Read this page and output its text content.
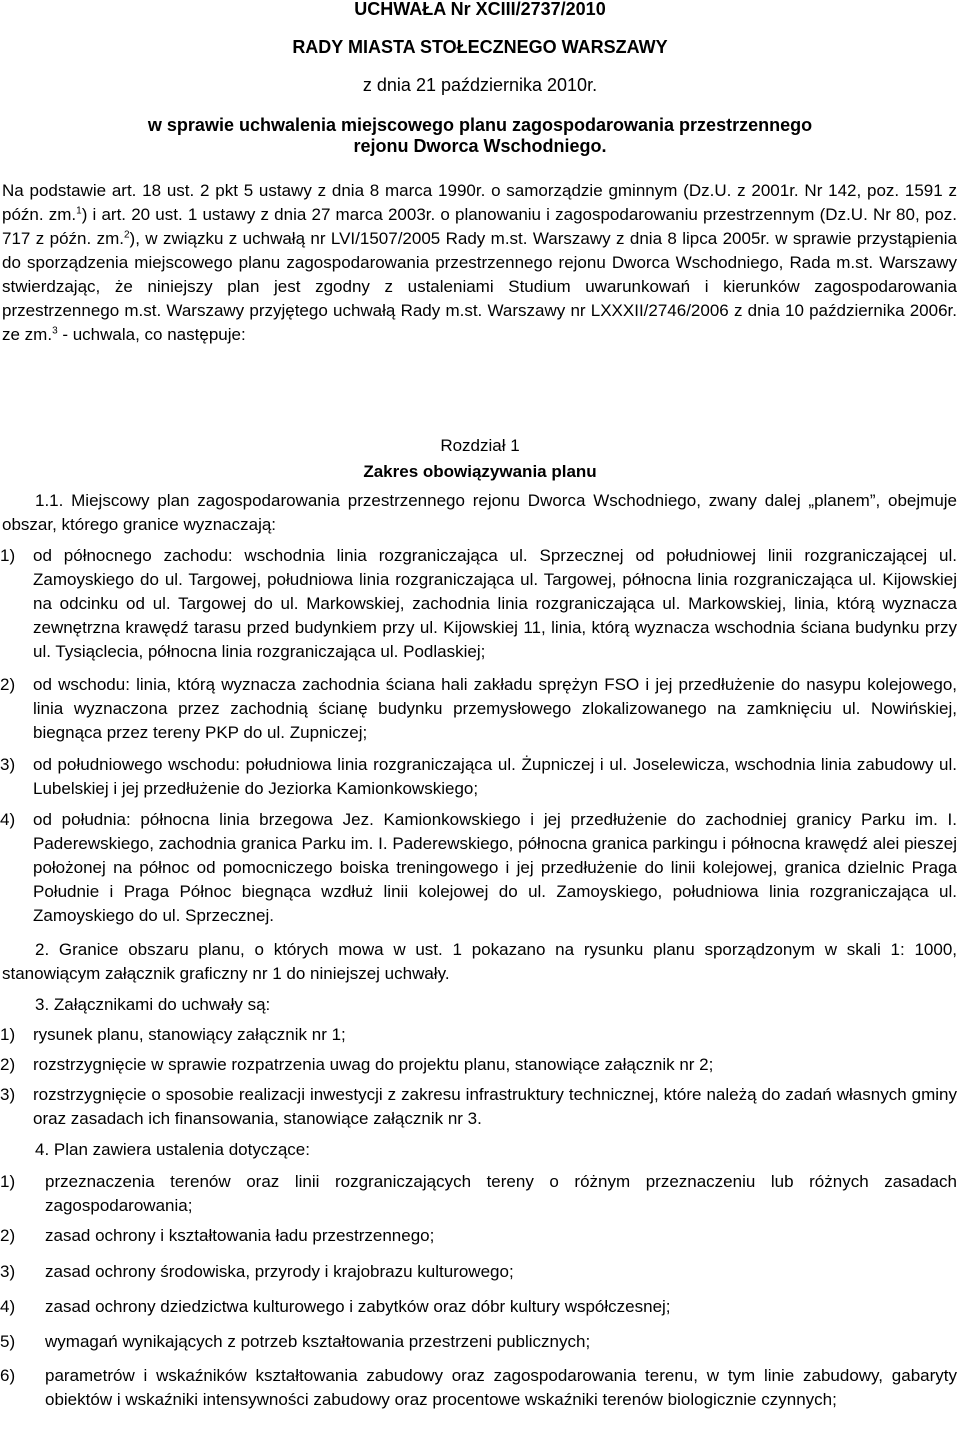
UCHWAŁA Nr XCIII/2737/2010
RADY MIASTA STOŁECZNEGO WARSZAWY
z dnia 21 października 2010r.
w sprawie uchwalenia miejscowego planu zagospodarowania przestrzennego
rejonu Dworca Wschodniego.
Na podstawie art. 18 ust. 2 pkt 5 ustawy z dnia 8 marca 1990r. o samorządzie gminnym (Dz.U. z 2001r. Nr 142, poz. 1591 z późn. zm.$^1$) i art. 20 ust. 1 ustawy z dnia 27 marca 2003r. o planowaniu i zagospodarowaniu przestrzennym (Dz.U. Nr 80, poz. 717 z późn. zm.$^2$), w związku z uchwałą nr LVI/1507/2005 Rady m.st. Warszawy z dnia 8 lipca 2005r. w sprawie przystąpienia do sporządzenia miejscowego planu zagospodarowania przestrzennego rejonu Dworca Wschodniego, Rada m.st. Warszawy stwierdzając, że niniejszy plan jest zgodny z ustaleniami Studium uwarunkowań i kierunków zagospodarowania przestrzennego m.st. Warszawy przyjętego uchwałą Rady m.st. Warszawy nr LXXXII/2746/2006 z dnia 10 października 2006r. ze zm.$^3$ - uchwala, co następuje:
Rozdział 1
Zakres obowiązywania planu
1.1. Miejscowy plan zagospodarowania przestrzennego rejonu Dworca Wschodniego, zwany dalej „planem”, obejmuje obszar, którego granice wyznaczają:
1) od północnego zachodu: wschodnia linia rozgraniczająca ul. Sprzecznej od południowej linii rozgraniczającej ul. Zamoyskiego do ul. Targowej, południowa linia rozgraniczająca ul. Targowej, północna linia rozgraniczająca ul. Kijowskiej na odcinku od ul. Targowej do ul. Markowskiej, zachodnia linia rozgraniczająca ul. Markowskiej, linia, którą wyznacza zewnętrzna krawędź tarasu przed budynkiem przy ul. Kijowskiej 11, linia, którą wyznacza wschodnia ściana budynku przy ul. Tysiąclecia, północna linia rozgraniczająca ul. Podlaskiej;
2) od wschodu: linia, którą wyznacza zachodnia ściana hali zakładu sprężyn FSO i jej przedłużenie do nasypu kolejowego, linia wyznaczona przez zachodnią ścianę budynku przemysłowego zlokalizowanego na zamknięciu ul. Nowińskiej, biegnąca przez tereny PKP do ul. Zupniczej;
3) od południowego wschodu: południowa linia rozgraniczająca ul. Żupniczej i ul. Joselewicza, wschodnia linia zabudowy ul. Lubelskiej i jej przedłużenie do Jeziorka Kamionkowskiego;
4) od południa: północna linia brzegowa Jez. Kamionkowskiego i jej przedłużenie do zachodniej granicy Parku im. I. Paderewskiego, zachodnia granica Parku im. I. Paderewskiego, północna granica parkingu i północna krawędź alei pieszej położonej na północ od pomocniczego boiska treningowego i jej przedłużenie do linii kolejowej, granica dzielnic Praga Południe i Praga Północ biegnąca wzdłuż linii kolejowej do ul. Zamoyskiego, południowa linia rozgraniczająca ul. Zamoyskiego do ul. Sprzecznej.
2. Granice obszaru planu, o których mowa w ust. 1 pokazano na rysunku planu sporządzonym w skali 1: 1000, stanowiącym załącznik graficzny nr 1 do niniejszej uchwały.
3. Załącznikami do uchwały są:
1) rysunek planu, stanowiący załącznik nr 1;
2) rozstrzygnięcie w sprawie rozpatrzenia uwag do projektu planu, stanowiące załącznik nr 2;
3) rozstrzygnięcie o sposobie realizacji inwestycji z zakresu infrastruktury technicznej, które należą do zadań własnych gminy oraz zasadach ich finansowania, stanowiące załącznik nr 3.
4. Plan zawiera ustalenia dotyczące:
1) przeznaczenia terenów oraz linii rozgraniczających tereny o różnym przeznaczeniu lub różnych zasadach zagospodarowania;
2) zasad ochrony i kształtowania ładu przestrzennego;
3) zasad ochrony środowiska, przyrody i krajobrazu kulturowego;
4) zasad ochrony dziedzictwa kulturowego i zabytków oraz dóbr kultury współczesnej;
5) wymagań wynikających z potrzeb kształtowania przestrzeni publicznych;
6) parametrów i wskaźników kształtowania zabudowy oraz zagospodarowania terenu, w tym linie zabudowy, gabaryty obiektów i wskaźniki intensywności zabudowy oraz procentowe wskaźniki terenów biologicznie czynnych;
